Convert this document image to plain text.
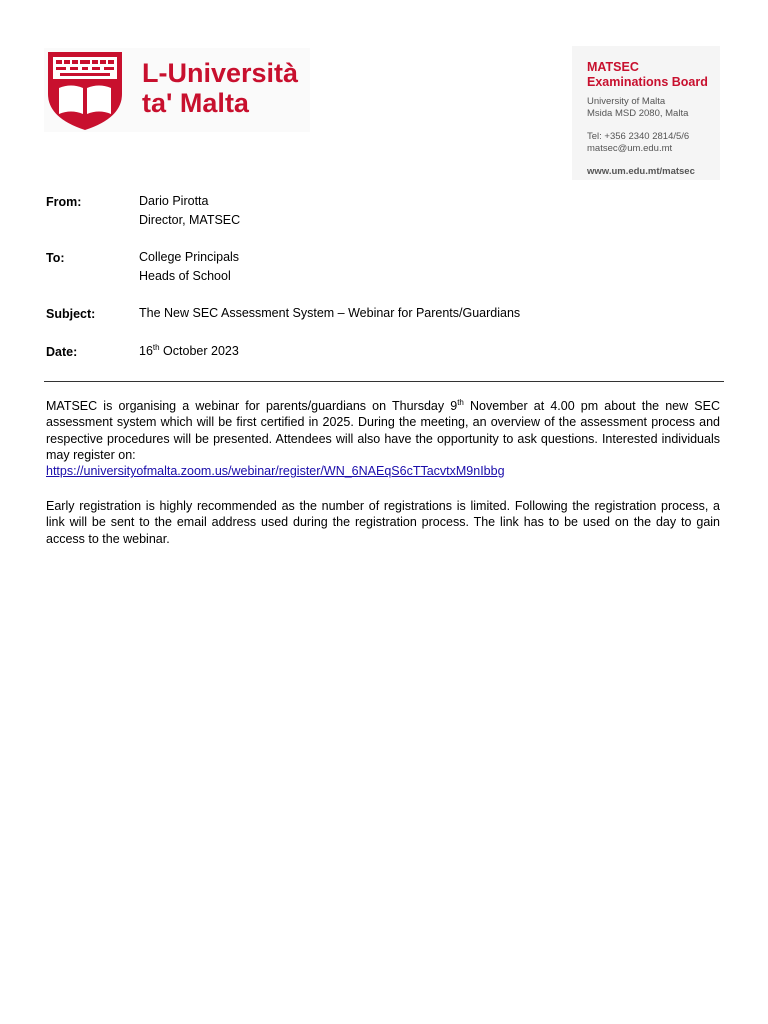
L-Università
ta' Malta
MATSEC
Examinations Board
University of Malta
Msida MSD 2080, Malta
Tel: +356 2340 2814/5/6
matsec@um.edu.mt
www.um.edu.mt/matsec
From:	Dario Pirotta
Director, MATSEC
To:	College Principals
Heads of School
Subject:	The New SEC Assessment System – Webinar for Parents/Guardians
Date:	16th October 2023
MATSEC is organising a webinar for parents/guardians on Thursday 9th November at 4.00 pm about the new SEC assessment system which will be first certified in 2025. During the meeting, an overview of the assessment process and respective procedures will be presented. Attendees will also have the opportunity to ask questions. Interested individuals may register on:
https://universityofmalta.zoom.us/webinar/register/WN_6NAEqS6cTTacvtxM9nIbbg
Early registration is highly recommended as the number of registrations is limited. Following the registration process, a link will be sent to the email address used during the registration process. The link has to be used on the day to gain access to the webinar.
